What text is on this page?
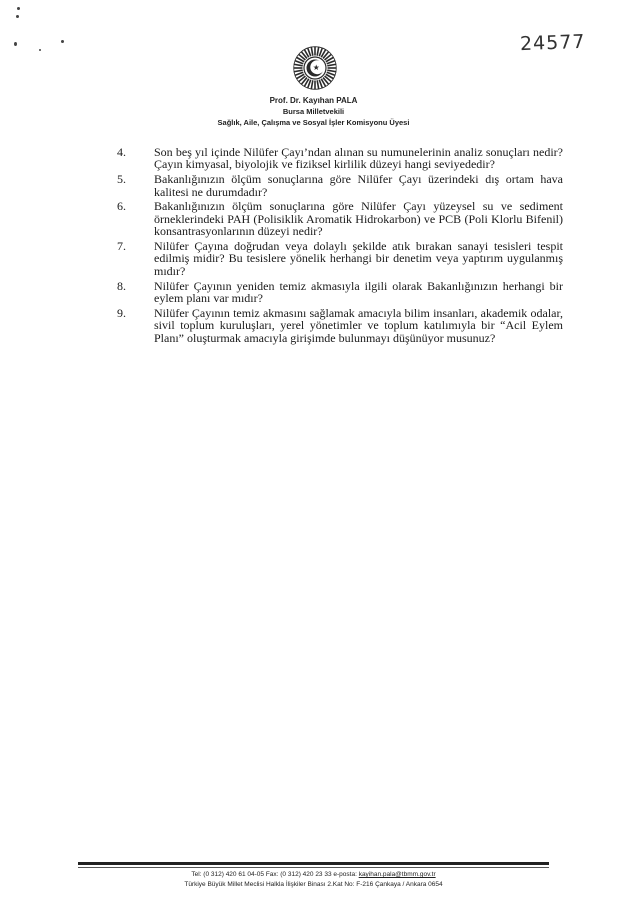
24577
Prof. Dr. Kayıhan PALA
Bursa Milletvekili
Sağlık, Aile, Çalışma ve Sosyal İşler Komisyonu Üyesi
4. Son beş yıl içinde Nilüfer Çayı’ndan alınan su numunelerinin analiz sonuçları nedir? Çayın kimyasal, biyolojik ve fiziksel kirlilik düzeyi hangi seviyededir?
5. Bakanlığınızın ölçüm sonuçlarına göre Nilüfer Çayı üzerindeki dış ortam hava kalitesi ne durumdadır?
6. Bakanlığınızın ölçüm sonuçlarına göre Nilüfer Çayı yüzeysel su ve sediment örneklerindeki PAH (Polisiklik Aromatik Hidrokarbon) ve PCB (Poli Klorlu Bifenil) konsantrasyonlarının düzeyi nedir?
7. Nilüfer Çayına doğrudan veya dolaylı şekilde atık bırakan sanayi tesisleri tespit edilmiş midir? Bu tesislere yönelik herhangi bir denetim veya yaptırım uygulanmış mıdır?
8. Nilüfer Çayının yeniden temiz akmasıyla ilgili olarak Bakanlığınızın herhangi bir eylem planı var mıdır?
9. Nilüfer Çayının temiz akmasını sağlamak amacıyla bilim insanları, akademik odalar, sivil toplum kuruluşları, yerel yönetimler ve toplum katılımıyla bir “Acil Eylem Planı” oluşturmak amacıyla girişimde bulunmayı düşünüyor musunuz?
Tel: (0 312) 420 61 04-05 Fax: (0 312) 420 23 33 e-posta: kayihan.pala@tbmm.gov.tr
Türkiye Büyük Millet Meclisi Halkla İlişkiler Binası 2.Kat No: F-216 Çankaya / Ankara 0654
